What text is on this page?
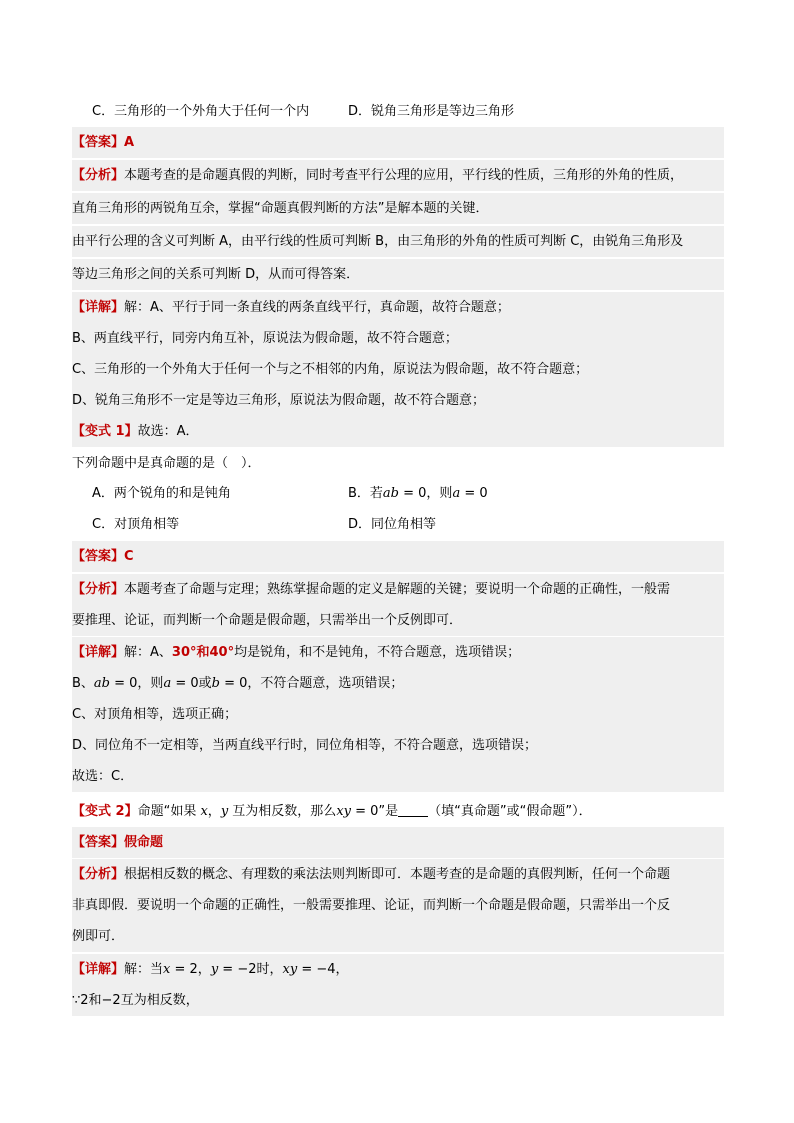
C．三角形的一个外角大于任何一个内	D．锐角三角形是等边三角形
【答案】A
【分析】本题考查的是命题真假的判断，同时考查平行公理的应用，平行线的性质，三角形的外角的性质，
直角三角形的两锐角互余，掌握“命题真假判断的方法”是解本题的关键．
由平行公理的含义可判断 A，由平行线的性质可判断 B，由三角形的外角的性质可判断 C，由锐角三角形及
等边三角形之间的关系可判断 D，从而可得答案．
【详解】解：A、平行于同一条直线的两条直线平行，真命题，故符合题意；
B、两直线平行，同旁内角互补，原说法为假命题，故不符合题意；
C、三角形的一个外角大于任何一个与之不相邻的内角，原说法为假命题，故不符合题意；
D、锐角三角形不一定是等边三角形，原说法为假命题，故不符合题意；
【变式 1】故选：A．
下列命题中是真命题的是（　）．
A．两个锐角的和是钝角	B．若ab = 0，则a = 0
C．对顶角相等	D．同位角相等
【答案】C
【分析】本题考查了命题与定理；熟练掌握命题的定义是解题的关键；要说明一个命题的正确性，一般需
要推理、论证，而判断一个命题是假命题，只需举出一个反例即可．
【详解】解：A、30°和40°均是锐角，和不是钝角，不符合题意，选项错误；
B、ab = 0，则a = 0或b = 0，不符合题意，选项错误；
C、对顶角相等，选项正确；
D、同位角不一定相等，当两直线平行时，同位角相等，不符合题意，选项错误；
故选：C．
【变式 2】命题“如果 x，y 互为相反数，那么xy = 0”是 （填“真命题”或“假命题”）．
【答案】假命题
【分析】根据相反数的概念、有理数的乘法法则判断即可．本题考查的是命题的真假判断，任何一个命题
非真即假．要说明一个命题的正确性，一般需要推理、论证，而判断一个命题是假命题，只需举出一个反
例即可．
【详解】解：当x = 2，y = −2时，xy = −4，
∵2和−2互为相反数，
